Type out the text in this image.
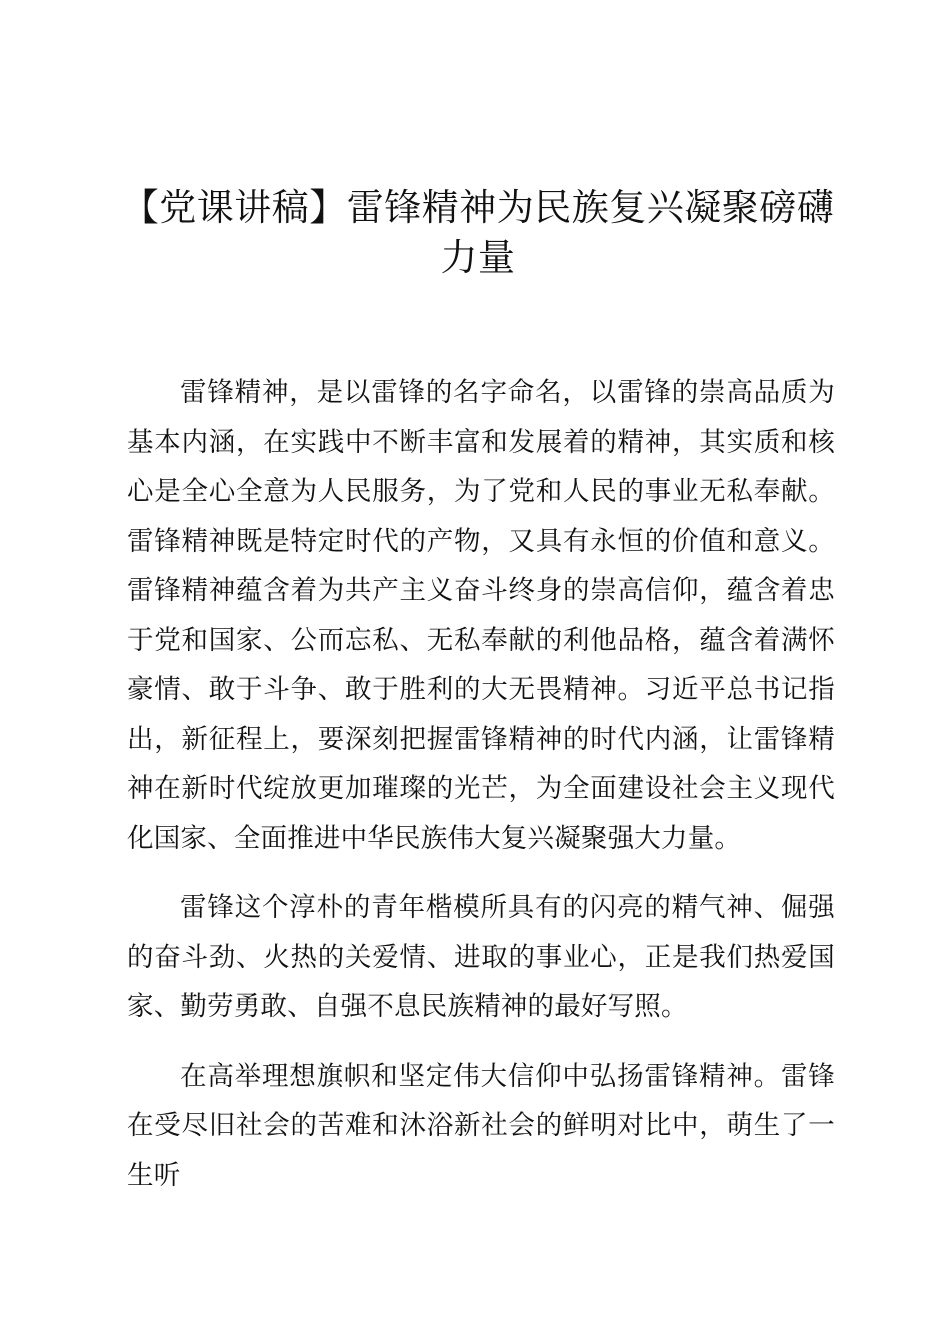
【党课讲稿】雷锋精神为民族复兴凝聚磅礴力量

雷锋精神，是以雷锋的名字命名，以雷锋的崇高品质为基本内涵，在实践中不断丰富和发展着的精神，其实质和核心是全心全意为人民服务，为了党和人民的事业无私奉献。雷锋精神既是特定时代的产物，又具有永恒的价值和意义。雷锋精神蕴含着为共产主义奋斗终身的崇高信仰，蕴含着忠于党和国家、公而忘私、无私奉献的利他品格，蕴含着满怀豪情、敢于斗争、敢于胜利的大无畏精神。习近平总书记指出，新征程上，要深刻把握雷锋精神的时代内涵，让雷锋精神在新时代绽放更加璀璨的光芒，为全面建设社会主义现代化国家、全面推进中华民族伟大复兴凝聚强大力量。

雷锋这个淳朴的青年楷模所具有的闪亮的精气神、倔强的奋斗劲、火热的关爱情、进取的事业心，正是我们热爱国家、勤劳勇敢、自强不息民族精神的最好写照。

在高举理想旗帜和坚定伟大信仰中弘扬雷锋精神。雷锋在受尽旧社会的苦难和沐浴新社会的鲜明对比中，萌生了一生听
